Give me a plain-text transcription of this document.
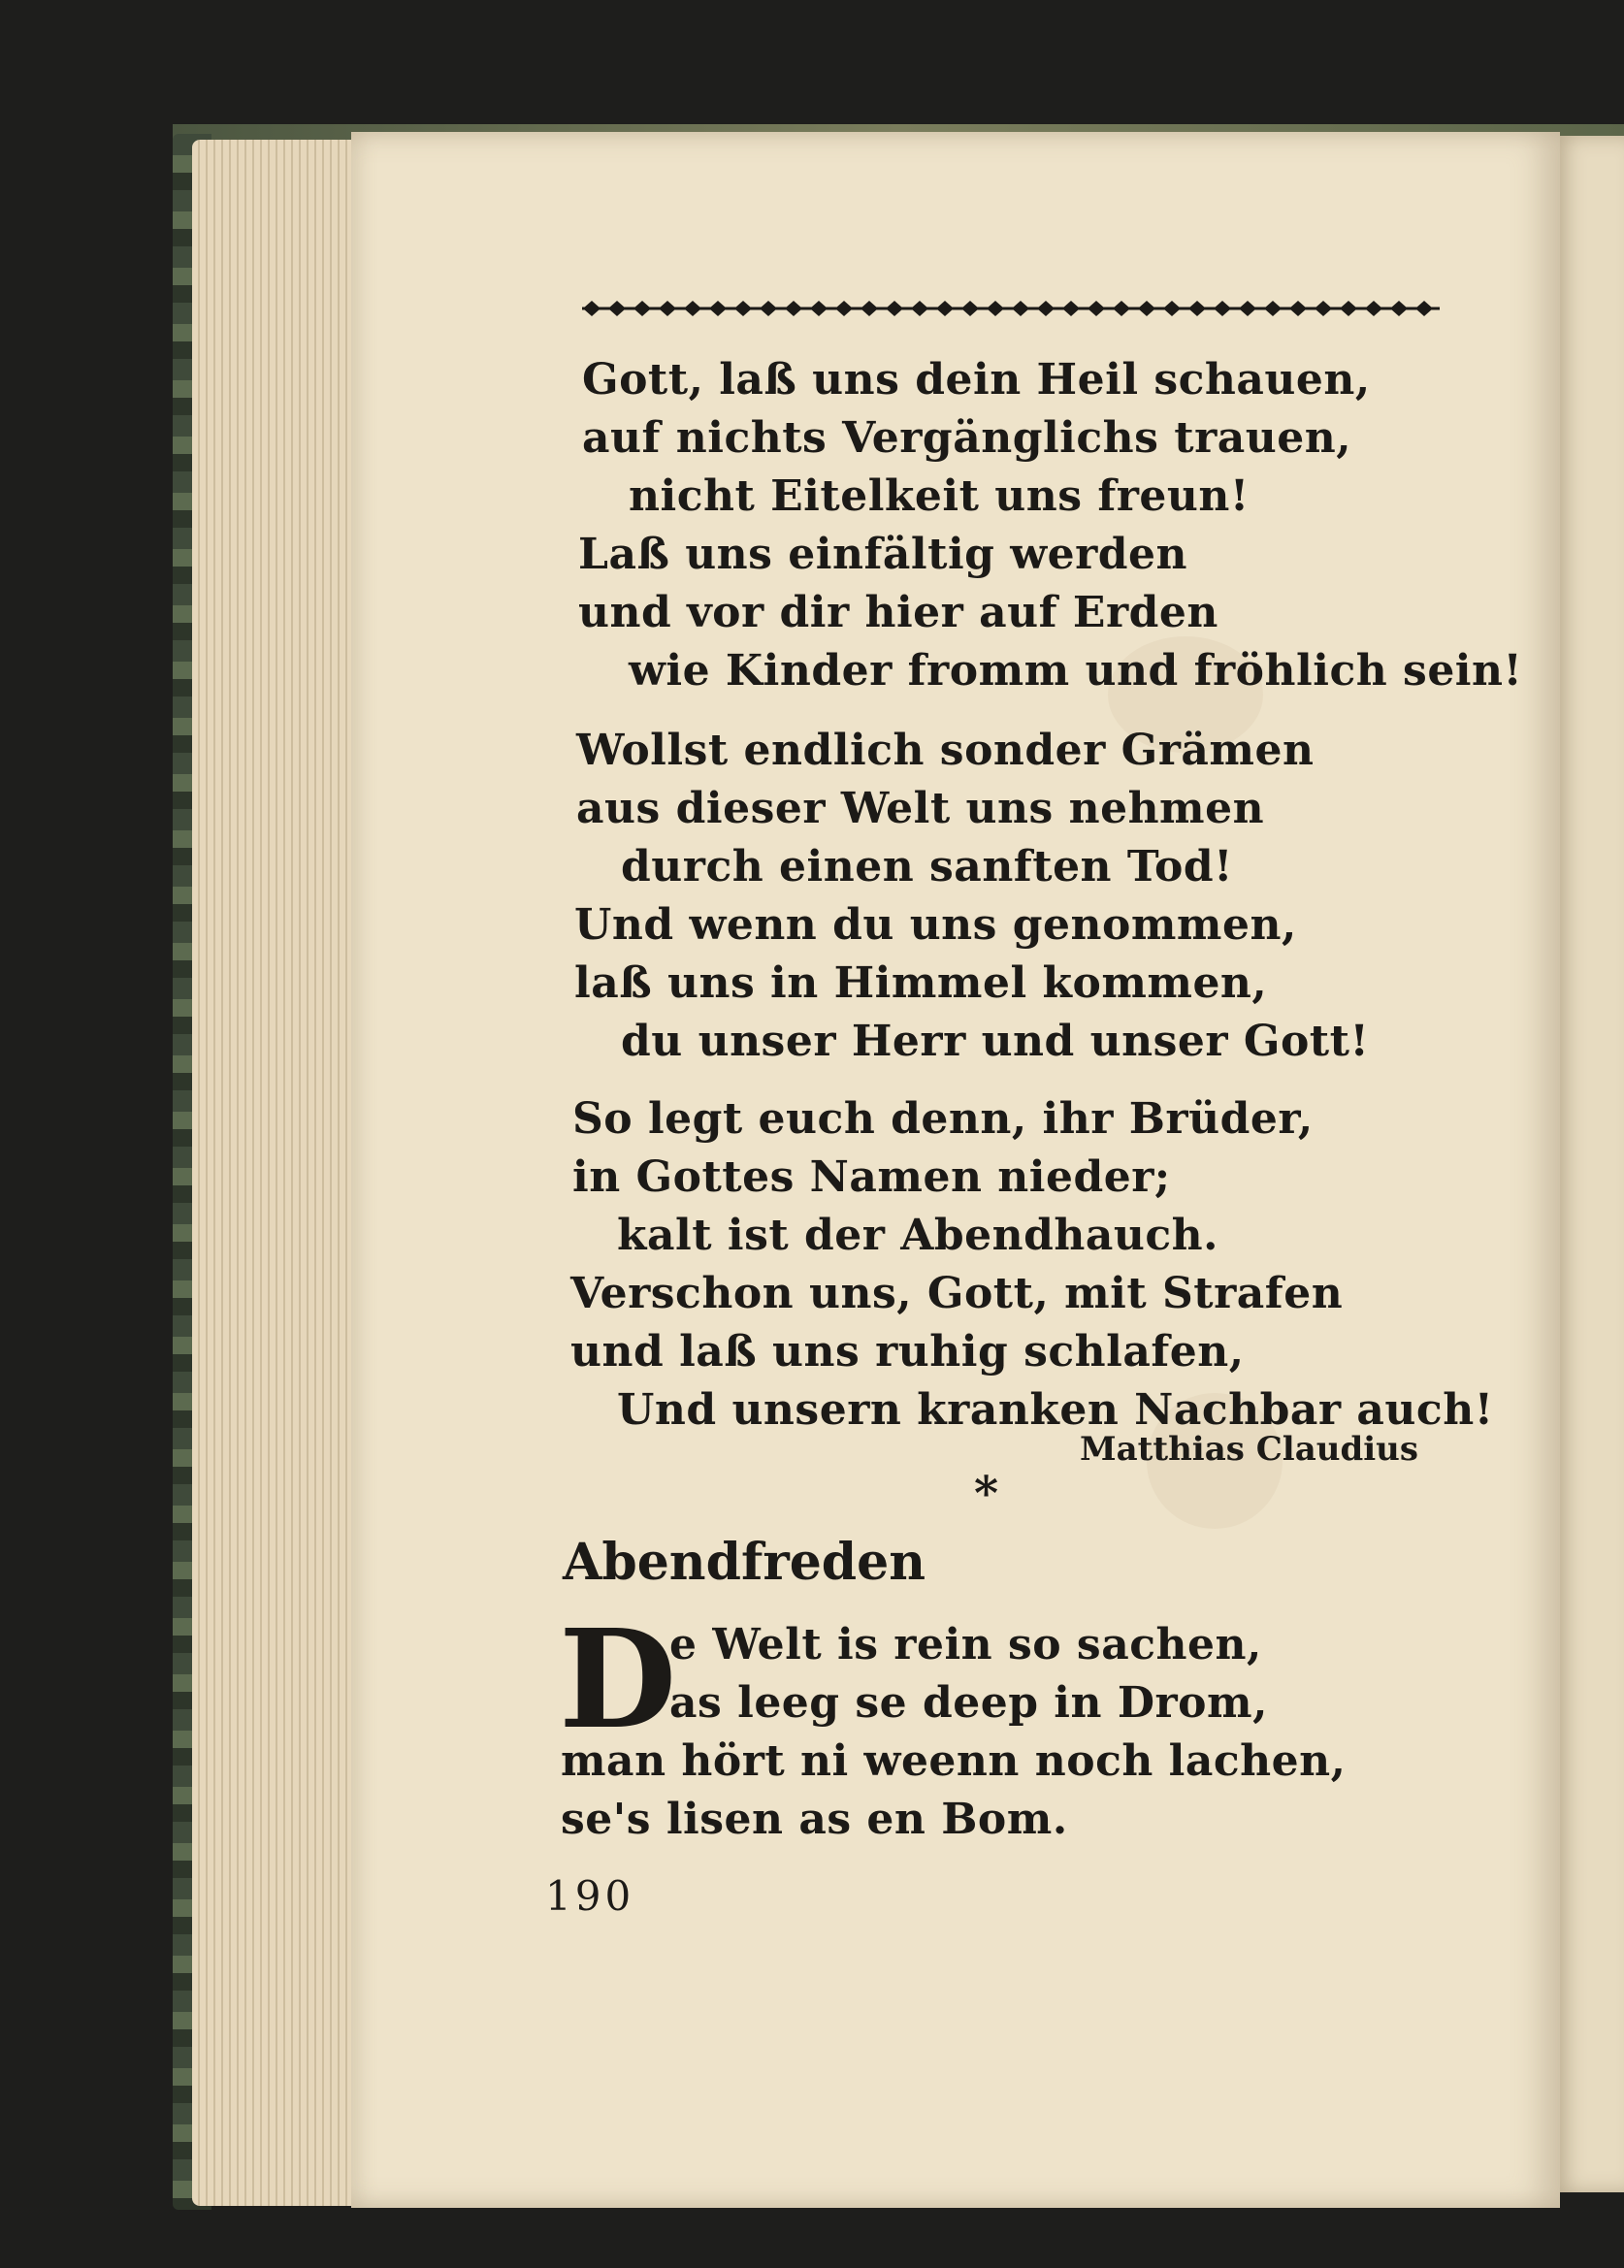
Gott, laß uns dein Heil schauen,
auf nichts Vergänglichs trauen,
nicht Eitelkeit uns freun!
Laß uns einfältig werden
und vor dir hier auf Erden
wie Kinder fromm und fröhlich sein!
Wollst endlich sonder Grämen
aus dieser Welt uns nehmen
durch einen sanften Tod!
Und wenn du uns genommen,
laß uns in Himmel kommen,
du unser Herr und unser Gott!
So legt euch denn, ihr Brüder,
in Gottes Namen nieder;
kalt ist der Abendhauch.
Verschon uns, Gott, mit Strafen
und laß uns ruhig schlafen,
Und unsern kranken Nachbar auch!
Matthias Claudius
*
Abendfreden
D
e Welt is rein so sachen,
as leeg se deep in Drom,
man hört ni weenn noch lachen,
se's lisen as en Bom.
190
